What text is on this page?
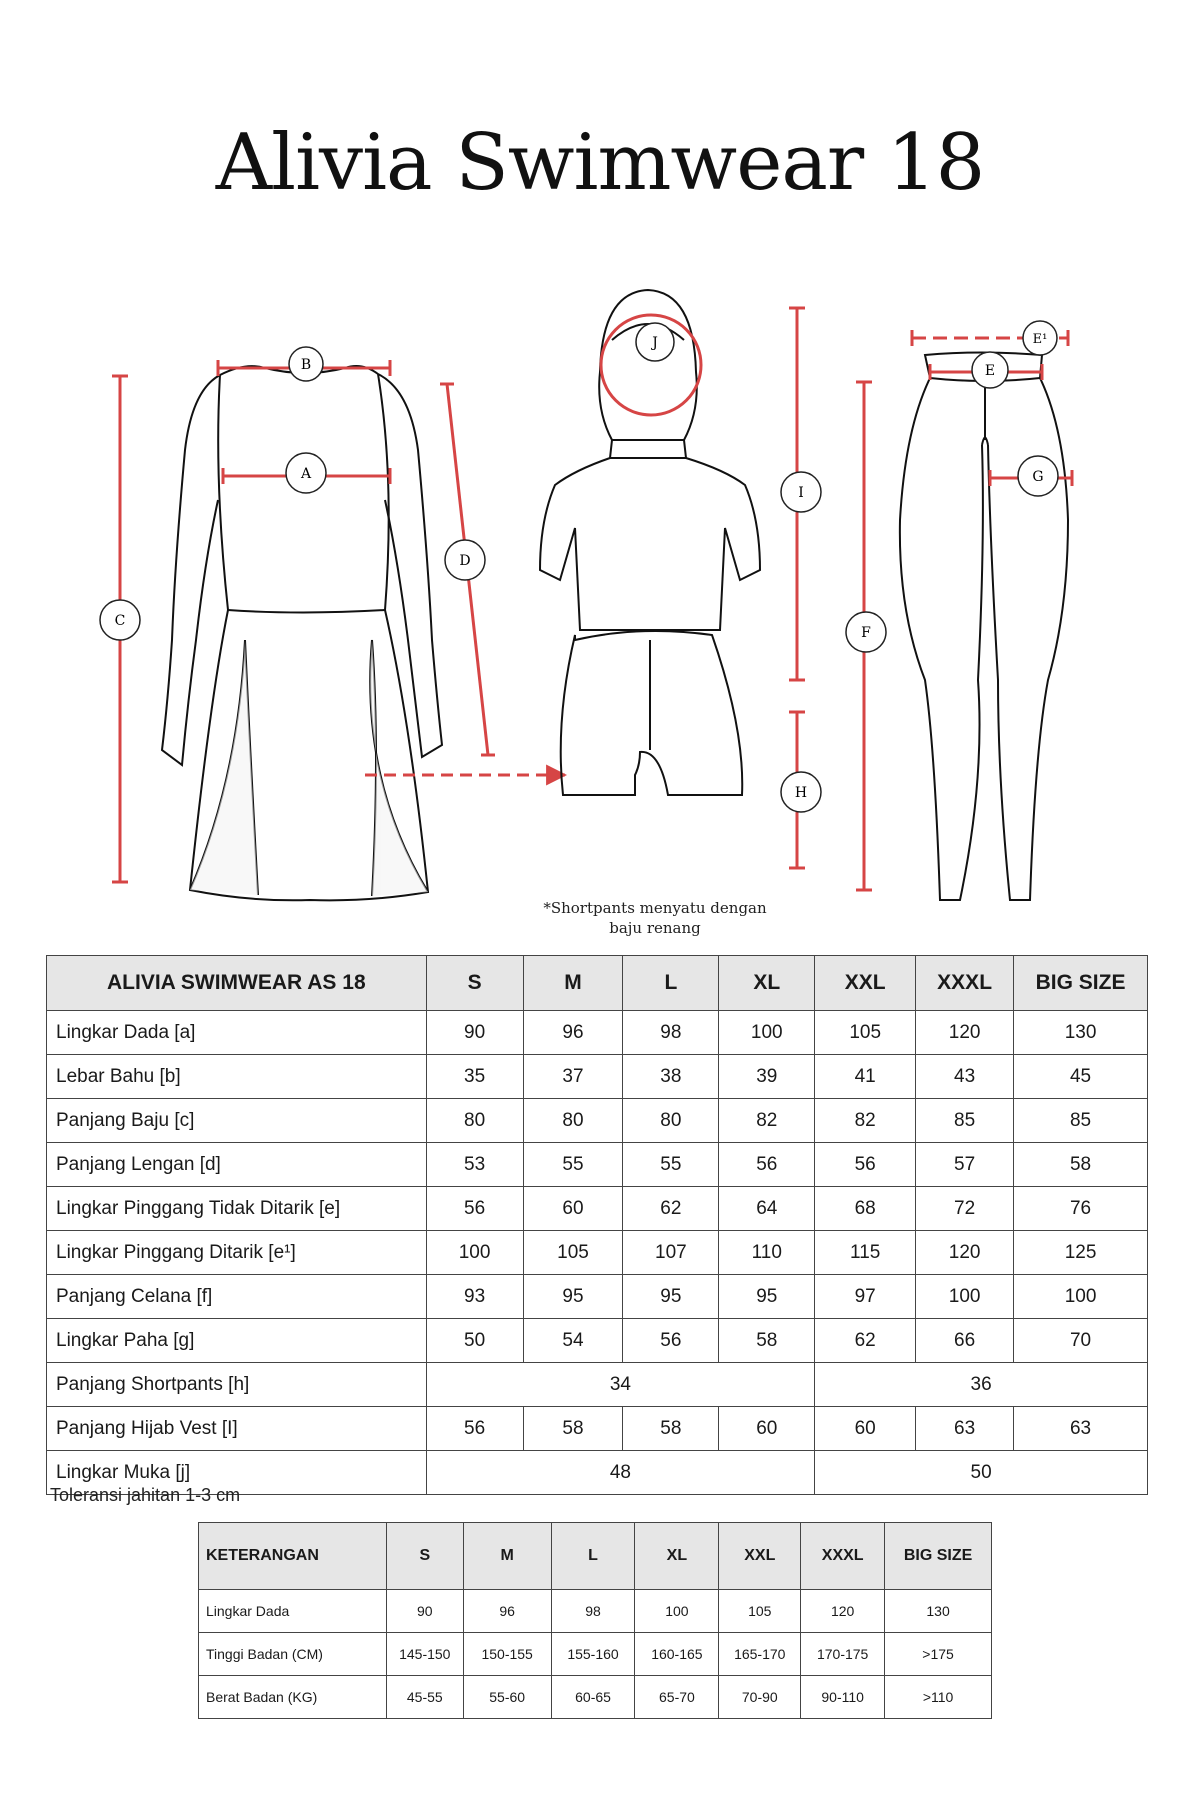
Alivia Swimwear 18
B
A
C
D
J
I
H
E¹
E
G
F
*Shortpants menyatu dengan
baju renang
ALIVIA SWIMWEAR AS 18	S	M	L	XL	XXL	XXXL	BIG SIZE
Lingkar Dada [a]	90	96	98	100	105	120	130
Lebar Bahu [b]	35	37	38	39	41	43	45
Panjang Baju [c]	80	80	80	82	82	85	85
Panjang Lengan [d]	53	55	55	56	56	57	58
Lingkar Pinggang Tidak Ditarik [e]	56	60	62	64	68	72	76
Lingkar Pinggang Ditarik [e¹]	100	105	107	110	115	120	125
Panjang Celana [f]	93	95	95	95	97	100	100
Lingkar Paha [g]	50	54	56	58	62	66	70
Panjang Shortpants [h]	34				36		
Panjang Hijab Vest [I]	56	58	58	60	60	63	63
Lingkar Muka [j]	48				50		
Toleransi jahitan 1-3 cm
KETERANGAN	S	M	L	XL	XXL	XXXL	BIG SIZE
Lingkar Dada	90	96	98	100	105	120	130
Tinggi Badan (CM)	145-150	150-155	155-160	160-165	165-170	170-175	>175
Berat Badan (KG)	45-55	55-60	60-65	65-70	70-90	90-110	>110
